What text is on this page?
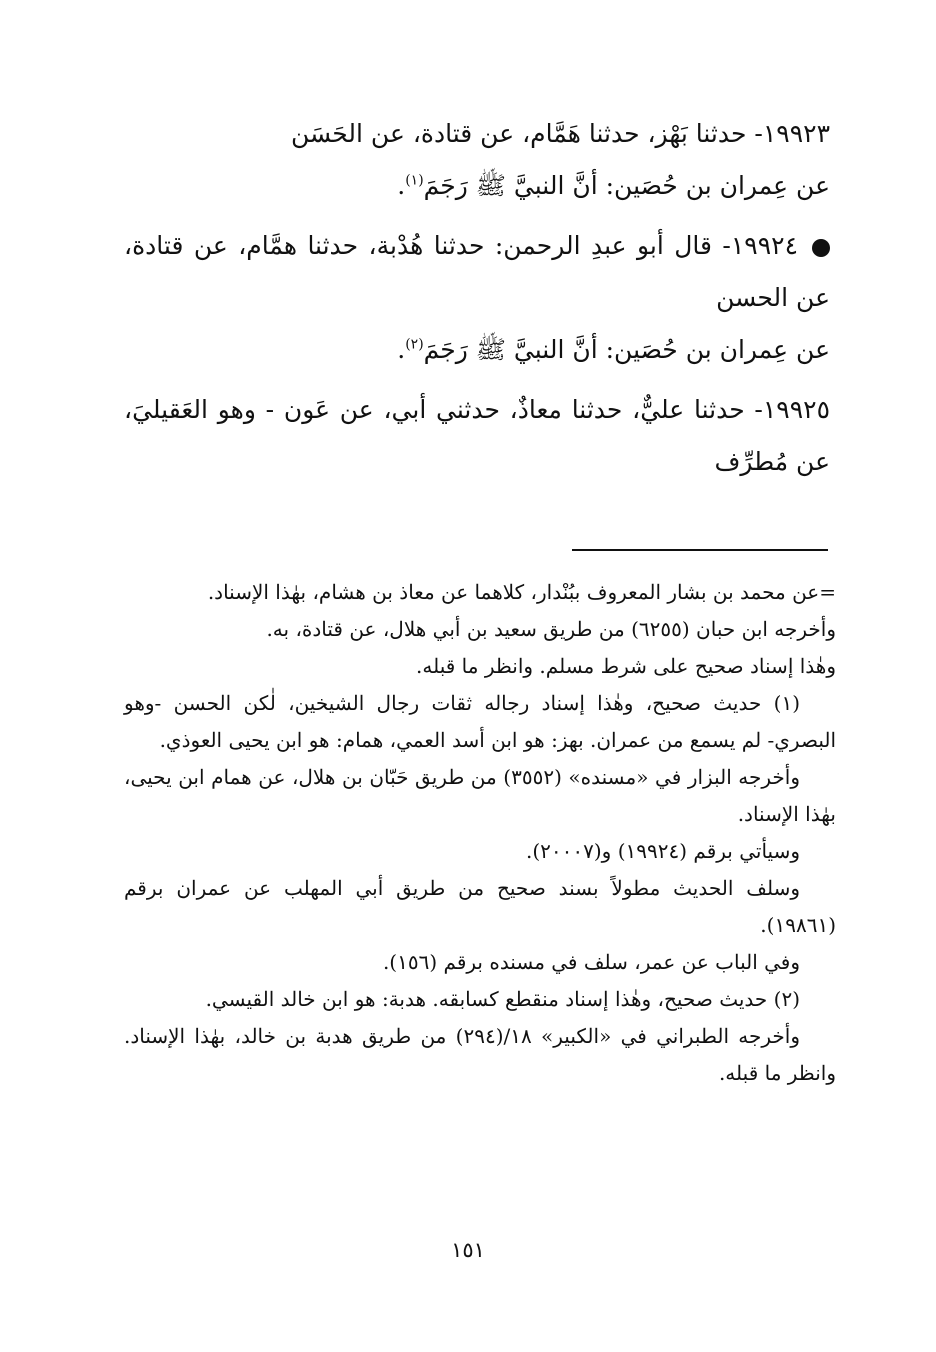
١٩٩٢٣- حدثنا بَهْز، حدثنا هَمَّام، عن قتادة، عن الحَسَن

عن عِمران بن حُصَين: أنَّ النبيَّ ﷺ رَجَمَ$^{(١)}$.

١٩٩٢٤- قال أبو عبدِ الرحمن: حدثنا هُدْبة، حدثنا همَّام، عن قتادة، عن الحسن

عن عِمران بن حُصَين: أنَّ النبيَّ ﷺ رَجَمَ$^{(٢)}$.

١٩٩٢٥- حدثنا عليٌّ، حدثنا معاذٌ، حدثني أبي، عن عَون - وهو العَقيليَ، عن مُطرِّف

=عن محمد بن بشار المعروف ببُنْدار، كلاهما عن معاذ بن هشام، بهٰذا الإسناد.

وأخرجه ابن حبان (٦٢٥٥) من طريق سعيد بن أبي هلال، عن قتادة، به.

وهٰذا إسناد صحيح على شرط مسلم. وانظر ما قبله.

(١) حديث صحيح، وهٰذا إسناد رجاله ثقات رجال الشيخين، لٰكن الحسن -وهو البصري- لم يسمع من عمران. بهز: هو ابن أسد العمي، همام: هو ابن يحيى العوذي.

وأخرجه البزار في «مسنده» (٣٥٥٢) من طريق حَبّان بن هلال، عن همام ابن يحيى، بهٰذا الإسناد.

وسيأتي برقم (١٩٩٢٤) و(٢٠٠٠٧).

وسلف الحديث مطولاً بسند صحيح من طريق أبي المهلب عن عمران برقم (١٩٨٦١).

وفي الباب عن عمر، سلف في مسنده برقم (١٥٦).

(٢) حديث صحيح، وهٰذا إسناد منقطع كسابقه. هدبة: هو ابن خالد القيسي.

وأخرجه الطبراني في «الكبير» ١٨/(٢٩٤) من طريق هدبة بن خالد، بهٰذا الإسناد. وانظر ما قبله.

١٥١
